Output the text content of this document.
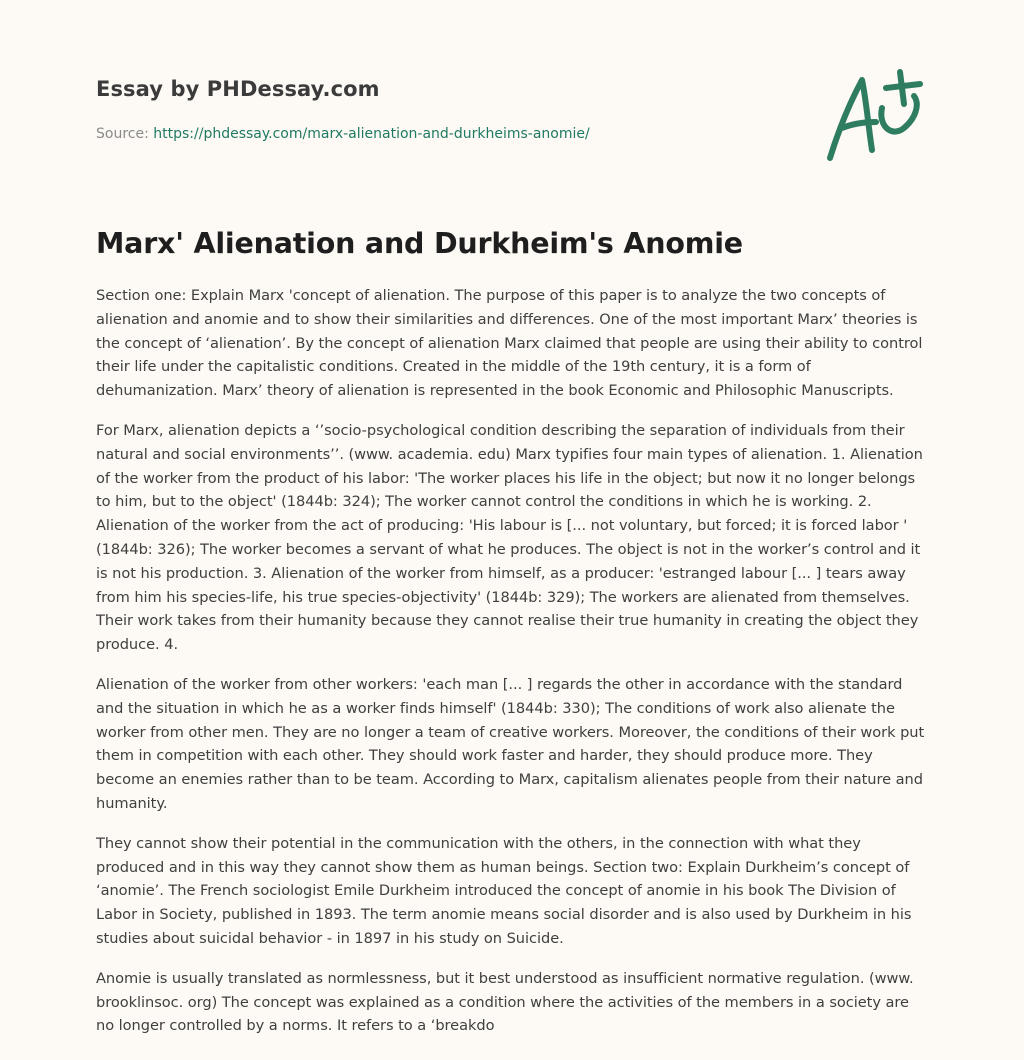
Essay by PHDessay.com

Source: https://phdessay.com/marx-alienation-and-durkheims-anomie/
Marx' Alienation and Durkheim's Anomie

Section one: Explain Marx 'concept of alienation. The purpose of this paper is to analyze the two concepts of alienation and anomie and to show their similarities and differences. One of the most important Marx’ theories is the concept of ‘alienation’. By the concept of alienation Marx claimed that people are using their ability to control their life under the capitalistic conditions. Created in the middle of the 19th century, it is a form of dehumanization. Marx’ theory of alienation is represented in the book Economic and Philosophic Manuscripts.

For Marx, alienation depicts a ‘’socio-psychological condition describing the separation of individuals from their natural and social environments’’. (www. academia. edu) Marx typifies four main types of alienation. 1. Alienation of the worker from the product of his labor: 'The worker places his life in the object; but now it no longer belongs to him, but to the object' (1844b: 324); The worker cannot control the conditions in which he is working. 2. Alienation of the worker from the act of producing: 'His labour is [... not voluntary, but forced; it is forced labor ' (1844b: 326); The worker becomes a servant of what he produces. The object is not in the worker’s control and it is not his production. 3. Alienation of the worker from himself, as a producer: 'estranged labour [... ] tears away from him his species-life, his true species-objectivity' (1844b: 329); The workers are alienated from themselves. Their work takes from their humanity because they cannot realise their true humanity in creating the object they produce. 4.

Alienation of the worker from other workers: 'each man [... ] regards the other in accordance with the standard and the situation in which he as a worker finds himself' (1844b: 330); The conditions of work also alienate the worker from other men. They are no longer a team of creative workers. Moreover, the conditions of their work put them in competition with each other. They should work faster and harder, they should produce more. They become an enemies rather than to be team. According to Marx, capitalism alienates people from their nature and humanity.

They cannot show their potential in the communication with the others, in the connection with what they produced and in this way they cannot show them as human beings. Section two: Explain Durkheim’s concept of ‘anomie’. The French sociologist Emile Durkheim introduced the concept of anomie in his book The Division of Labor in Society, published in 1893. The term anomie means social disorder and is also used by Durkheim in his studies about suicidal behavior - in 1897 in his study on Suicide.

Anomie is usually translated as normlessness, but it best understood as insufficient normative regulation. (www. brooklinsoc. org) The concept was explained as a condition where the activities of the members in a society are no longer controlled by a norms. It refers to a ‘breakdo
